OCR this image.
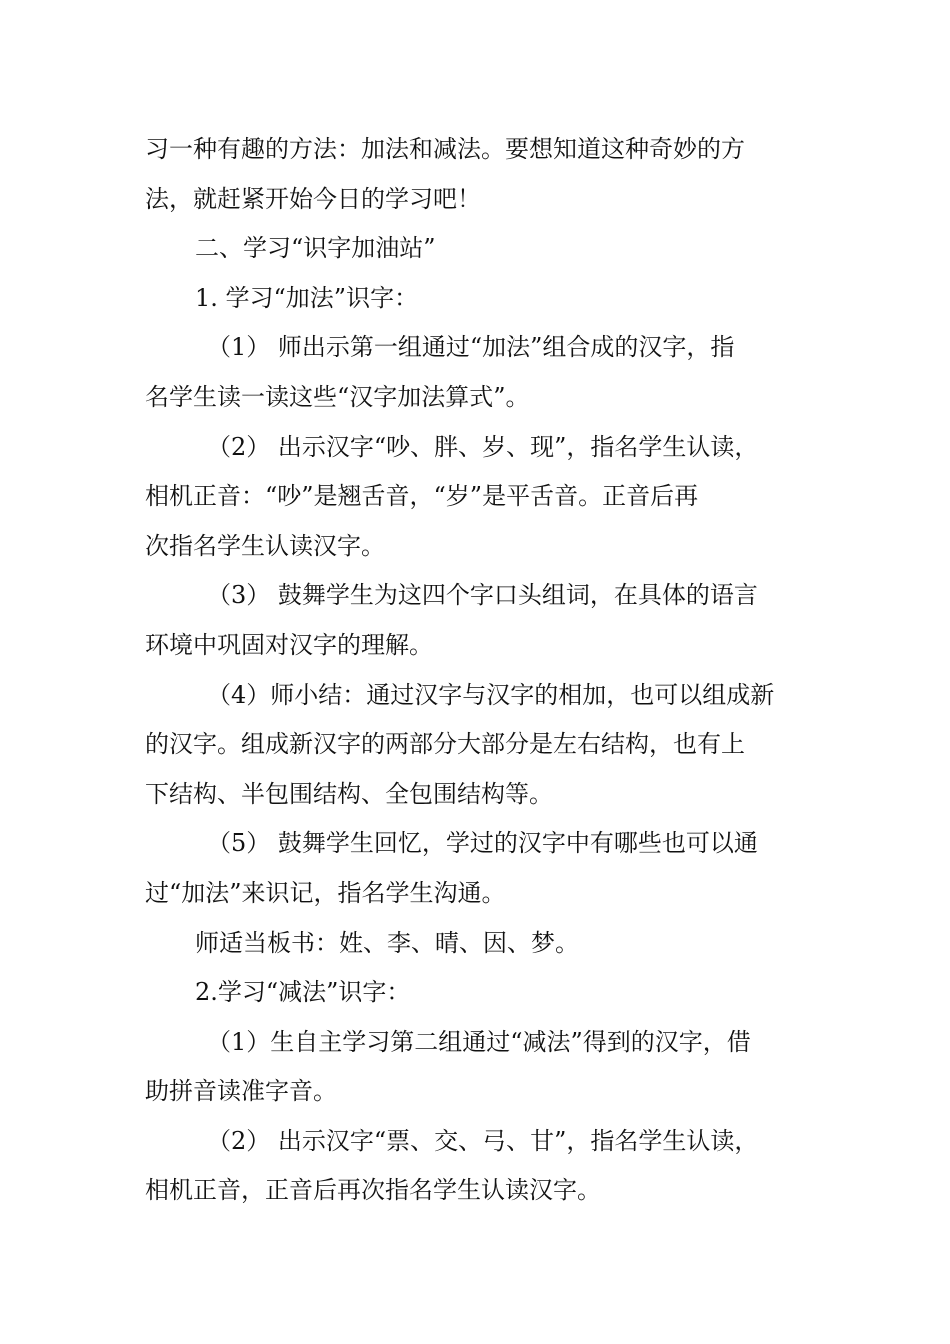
习一种有趣的方法：加法和减法。要想知道这种奇妙的方
法，就赶紧开始今日的学习吧！
二、学习“识字加油站”
1. 学习“加法”识字：
（1） 师出示第一组通过“加法”组合成的汉字，指
名学生读一读这些“汉字加法算式”。
（2） 出示汉字“吵、胖、岁、现”，指名学生认读，
相机正音：“吵”是翘舌音，“岁”是平舌音。正音后再
次指名学生认读汉字。
（3） 鼓舞学生为这四个字口头组词，在具体的语言
环境中巩固对汉字的理解。
（4）师小结：通过汉字与汉字的相加，也可以组成新
的汉字。组成新汉字的两部分大部分是左右结构，也有上
下结构、半包围结构、全包围结构等。
（5） 鼓舞学生回忆，学过的汉字中有哪些也可以通
过“加法”来识记，指名学生沟通。
师适当板书：姓、李、晴、因、梦。
2.学习“减法”识字：
（1）生自主学习第二组通过“减法”得到的汉字，借
助拼音读准字音。
（2） 出示汉字“票、交、弓、甘”，指名学生认读，
相机正音，正音后再次指名学生认读汉字。
